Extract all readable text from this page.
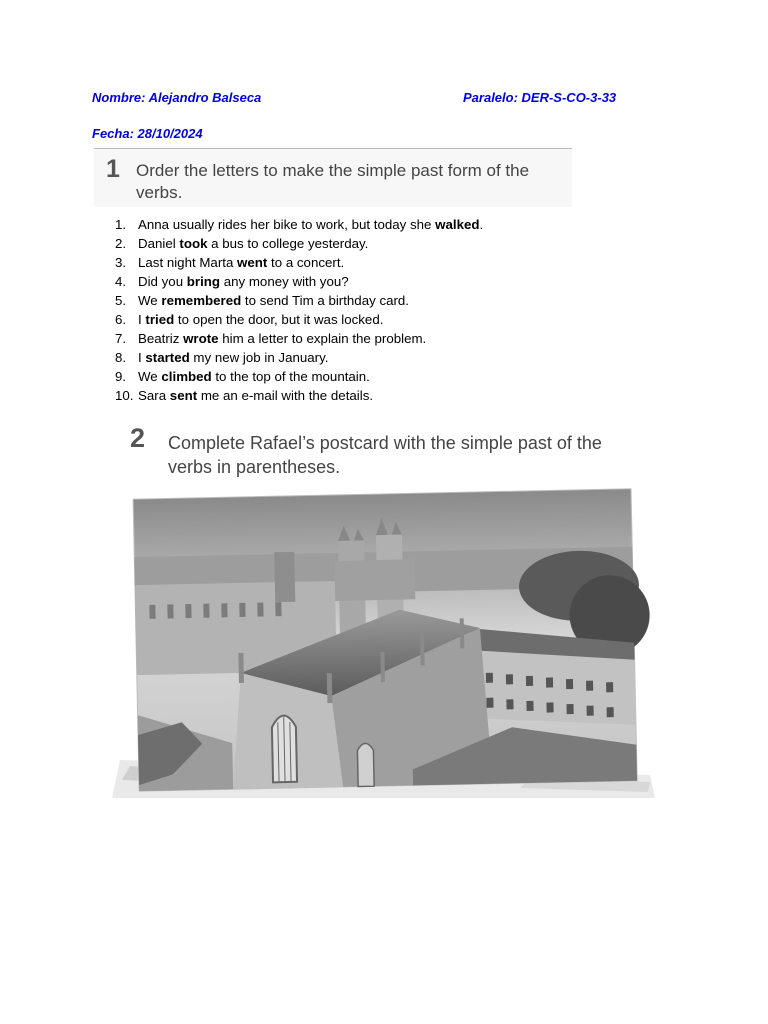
Nombre: Alejandro Balseca	Paralelo: DER-S-CO-3-33
Fecha: 28/10/2024
1 Order the letters to make the simple past form of the verbs.
1. Anna usually rides her bike to work, but today she walked.
2. Daniel took a bus to college yesterday.
3. Last night Marta went to a concert.
4. Did you bring any money with you?
5. We remembered to send Tim a birthday card.
6. I tried to open the door, but it was locked.
7. Beatriz wrote him a letter to explain the problem.
8. I started my new job in January.
9. We climbed to the top of the mountain.
10. Sara sent me an e-mail with the details.
2 Complete Rafael’s postcard with the simple past of the verbs in parentheses.
